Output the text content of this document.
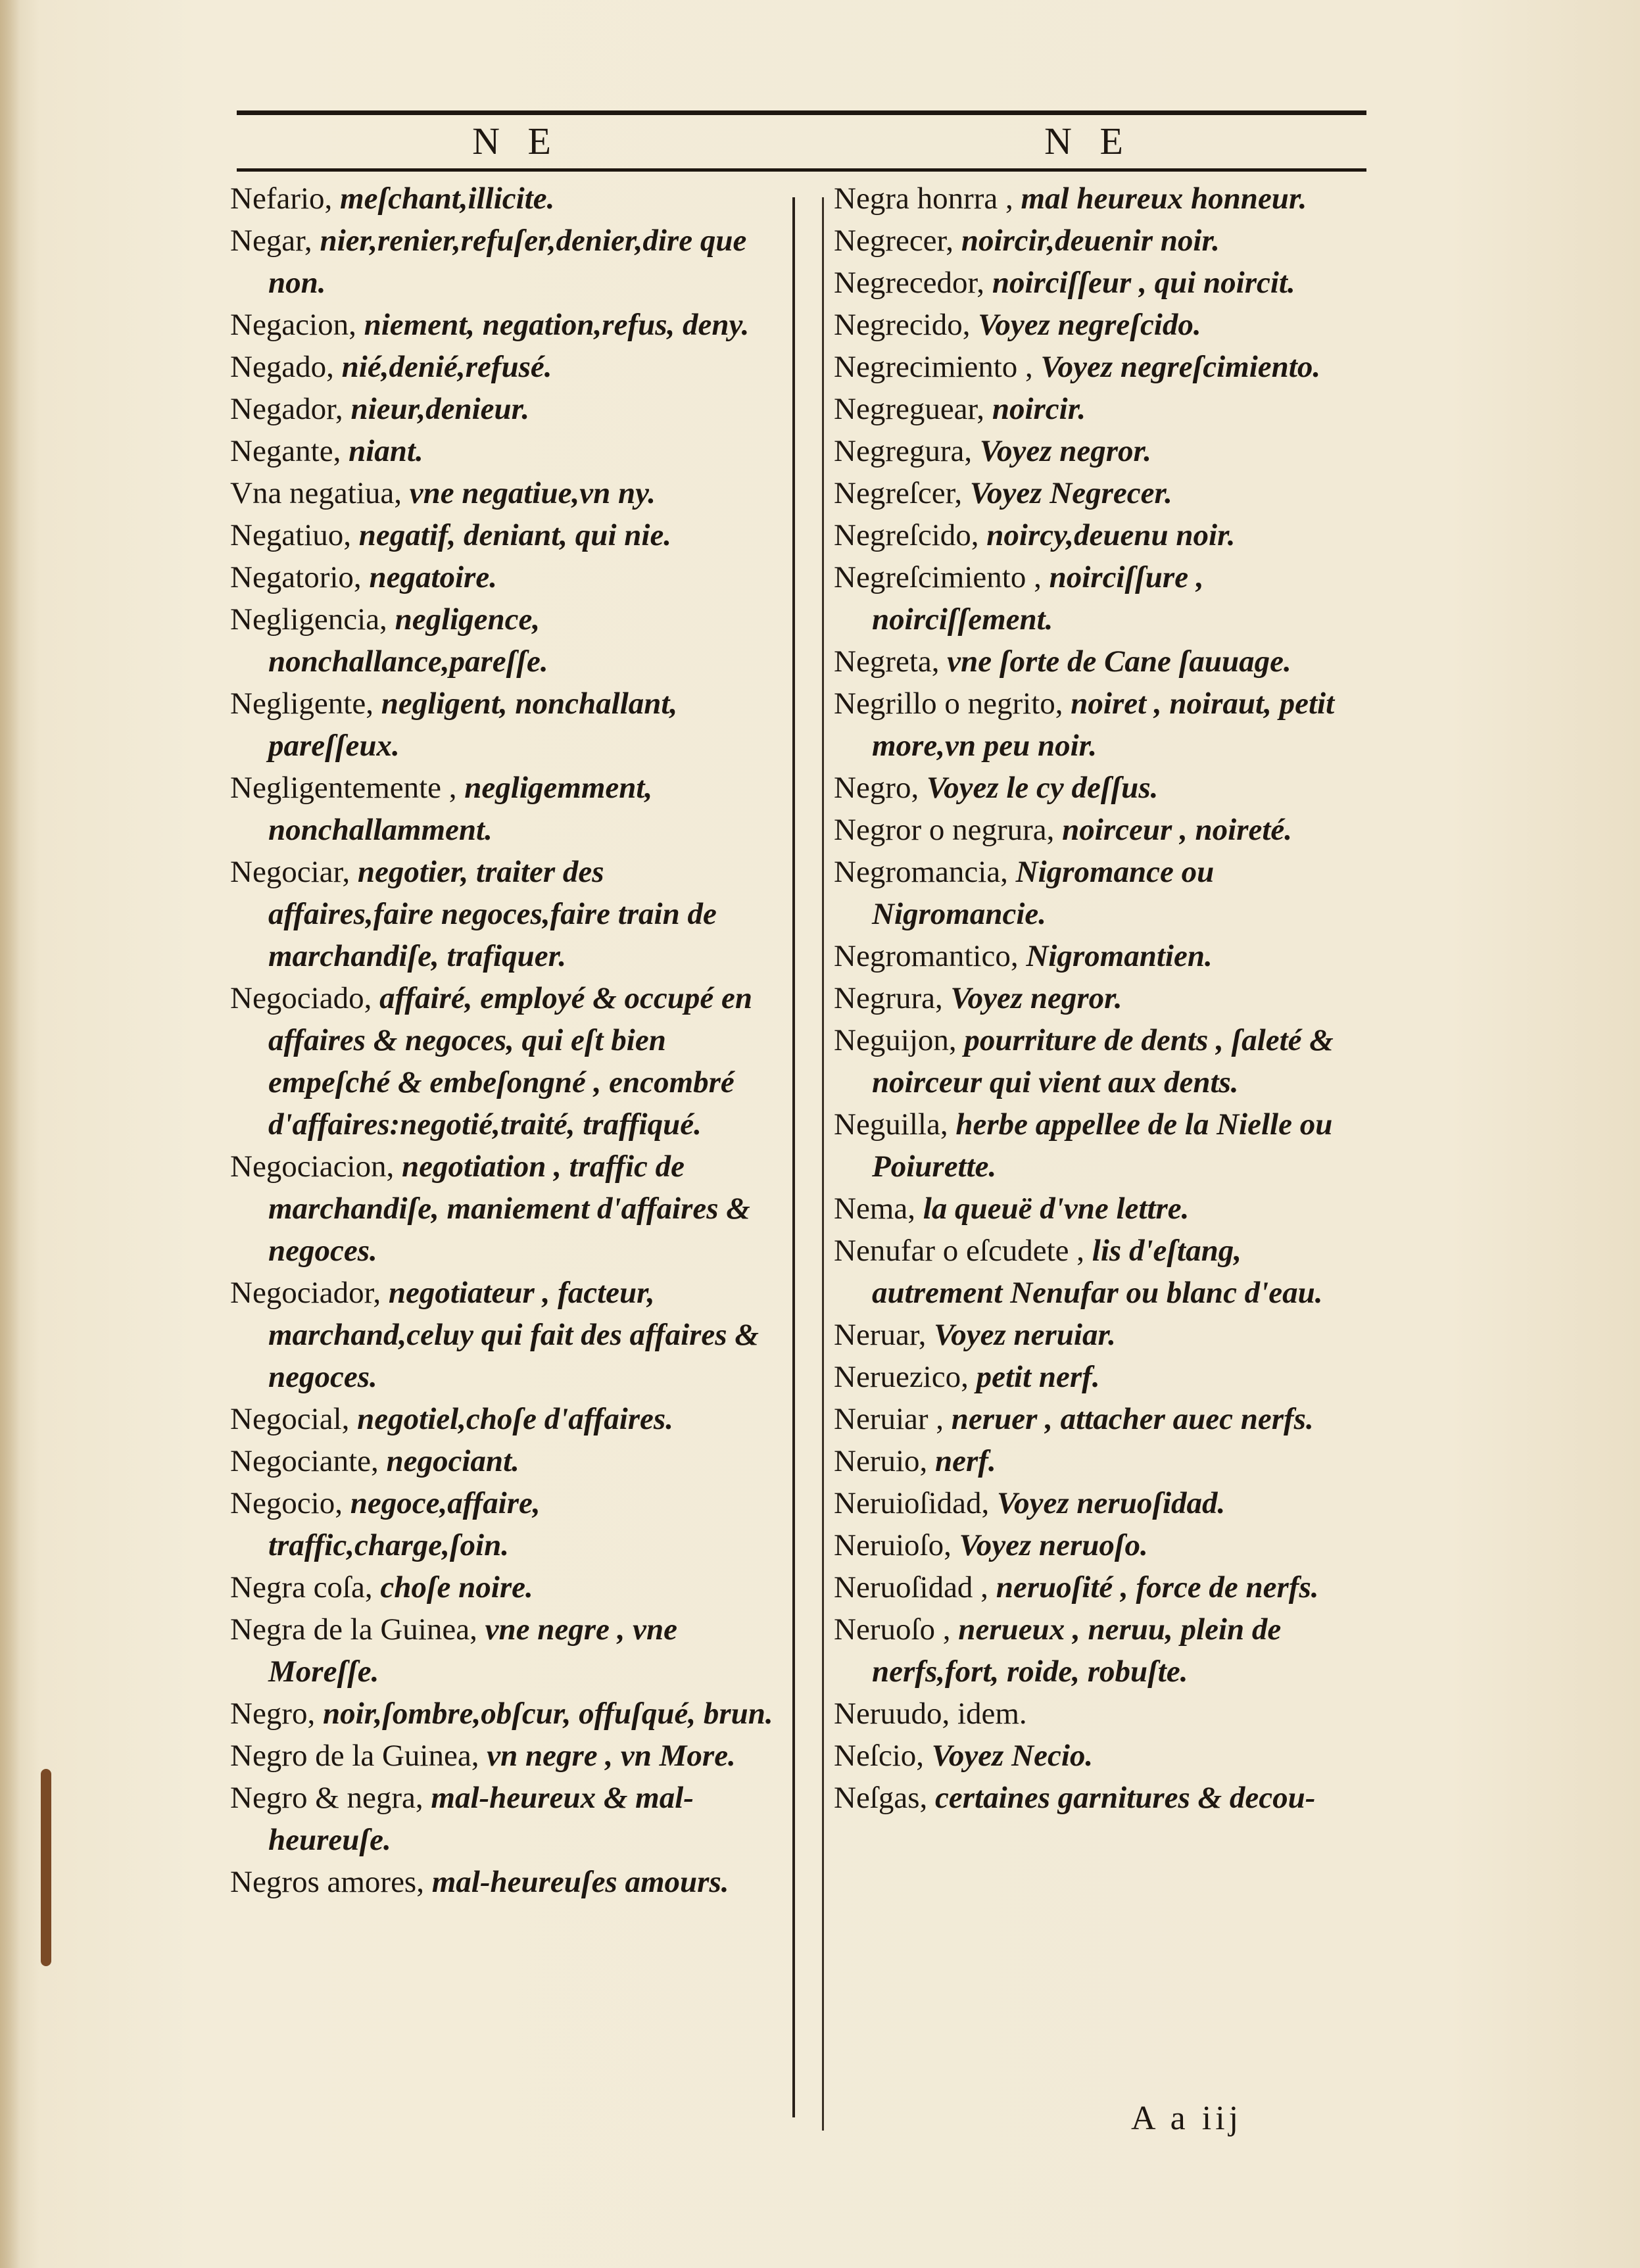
N E	N E

Nefario, meſchant,illicite.

Negar, nier,renier,refuſer,denier,dire que non.

Negacion, niement, negation,refus, deny.

Negado, nié,denié,refusé.

Negador, nieur,denieur.

Negante, niant.

Vna negatiua, vne negatiue,vn ny.

Negatiuo, negatif, deniant, qui nie.

Negatorio, negatoire.

Negligencia, negligence, nonchallance,pareſſe.

Negligente, negligent, nonchallant, pareſſeux.

Negligentemente , negligemment, nonchallamment.

Negociar, negotier, traiter des affaires,faire negoces,faire train de marchandiſe, trafiquer.

Negociado, affairé, employé & occupé en affaires & negoces, qui eſt bien empeſché & embeſongné , encombré d'affaires:negotié,traité, traffiqué.

Negociacion, negotiation , traffic de marchandiſe, maniement d'affaires & negoces.

Negociador, negotiateur , facteur, marchand,celuy qui fait des affaires & negoces.

Negocial, negotiel,choſe d'affaires.

Negociante, negociant.

Negocio, negoce,affaire, traffic,charge,ſoin.

Negra coſa, choſe noire.

Negra de la Guinea, vne negre , vne Moreſſe.

Negro, noir,ſombre,obſcur, offuſqué, brun.

Negro de la Guinea, vn negre , vn More.

Negro & negra, mal-heureux & mal-heureuſe.

Negros amores, mal-heureuſes amours.

Negra honrra , mal heureux honneur.

Negrecer, noircir,deuenir noir.

Negrecedor, noirciſſeur , qui noircit.

Negrecido, Voyez negreſcido.

Negrecimiento , Voyez negreſcimiento.

Negreguear, noircir.

Negregura, Voyez negror.

Negreſcer, Voyez Negrecer.

Negreſcido, noircy,deuenu noir.

Negreſcimiento , noirciſſure , noirciſſement.

Negreta, vne ſorte de Cane ſauuage.

Negrillo o negrito, noiret , noiraut, petit more,vn peu noir.

Negro, Voyez le cy deſſus.

Negror o negrura, noirceur , noireté.

Negromancia, Nigromance ou Nigromancie.

Negromantico, Nigromantien.

Negrura, Voyez negror.

Neguijon, pourriture de dents , ſaleté & noirceur qui vient aux dents.

Neguilla, herbe appellee de la Nielle ou Poiurette.

Nema, la queuë d'vne lettre.

Nenufar o eſcudete , lis d'eſtang, autrement Nenufar ou blanc d'eau.

Neruar, Voyez neruiar.

Neruezico, petit nerf.

Neruiar , neruer , attacher auec nerfs.

Neruio, nerf.

Neruioſidad, Voyez neruoſidad.

Neruioſo, Voyez neruoſo.

Neruoſidad , neruoſité , force de nerfs.

Neruoſo , nerueux , neruu, plein de nerfs,fort, roide, robuſte.

Neruudo, idem.

Neſcio, Voyez Necio.

Neſgas, certaines garnitures & decou-

A a iij
